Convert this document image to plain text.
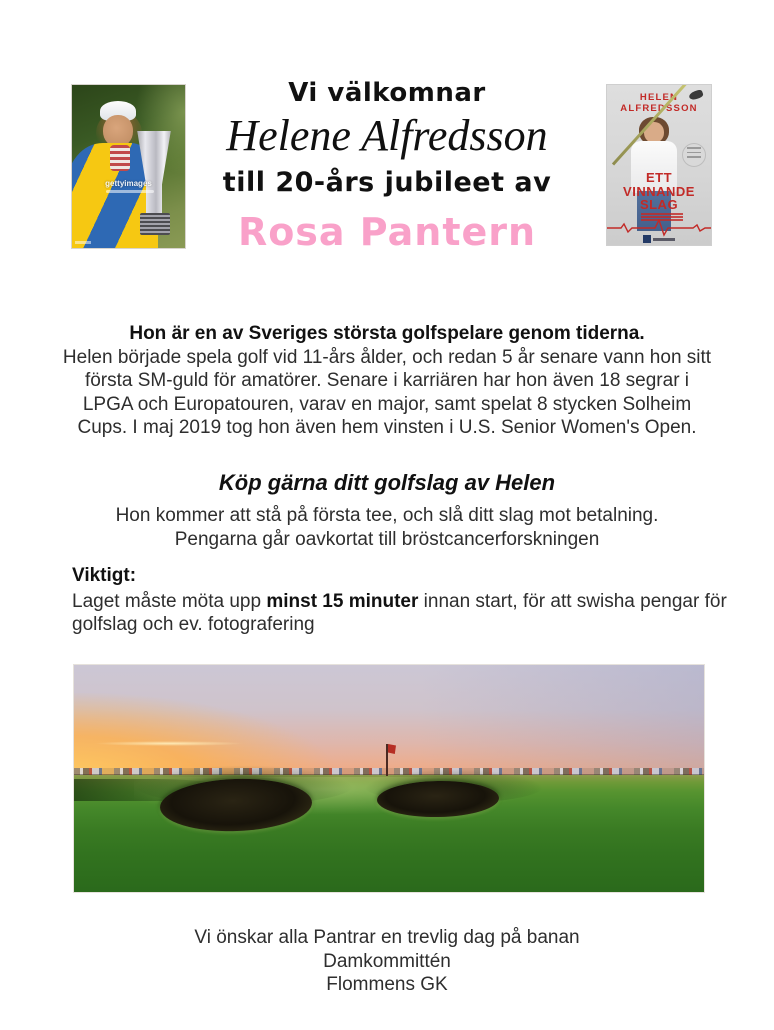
gettyimages
Vi välkomnar
Helene Alfredsson
till 20-års jubileet av
Rosa Pantern
HELEN
ALFREDSSON
ETT
VINNANDE
SLAG
Hon är en av Sveriges största golfspelare genom tiderna.
Helen började spela golf vid 11-års ålder, och redan 5 år senare vann hon sitt
första SM-guld för amatörer. Senare i karriären har hon även 18 segrar i
LPGA och Europatouren, varav en major, samt spelat 8 stycken Solheim
Cups. I maj 2019 tog hon även hem vinsten i U.S. Senior Women's Open.
Köp gärna ditt golfslag av Helen
Hon kommer att stå på första tee, och slå ditt slag mot betalning.
Pengarna går oavkortat till bröstcancerforskningen
Viktigt:
Laget måste möta upp minst 15 minuter innan start, för att swisha pengar för golfslag och ev. fotografering
Vi önskar alla Pantrar en trevlig dag på banan
Damkommittén
Flommens GK
